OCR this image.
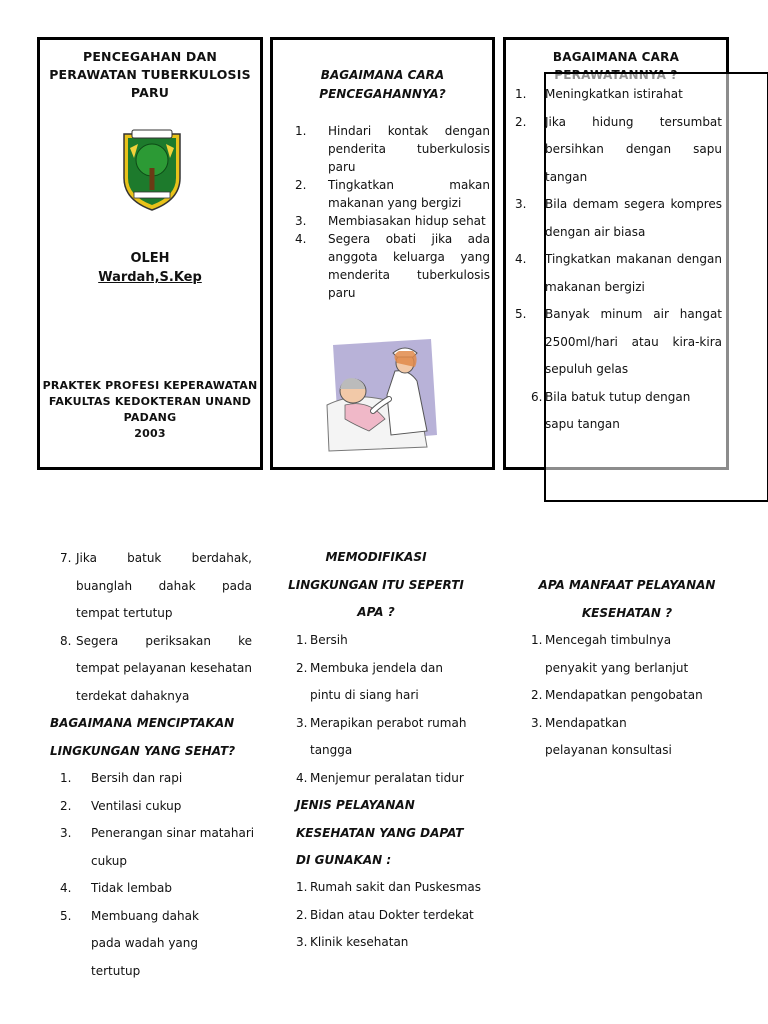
PENCEGAHAN DAN
PERAWATAN TUBERKULOSIS
PARU
OLEH
Wardah,S.Kep
PRAKTEK PROFESI KEPERAWATAN
FAKULTAS KEDOKTERAN UNAND
PADANG
2003
BAGAIMANA CARA
PENCEGAHANNYA?
1. Hindari kontak dengan penderita tuberkulosis paru
2. Tingkatkan makan makanan yang bergizi
3. Membiasakan hidup sehat
4. Segera obati jika ada anggota keluarga yang menderita tuberkulosis paru
BAGAIMANA CARA
1. Meningkatkan istirahat
2. Jika hidung tersumbat bersihkan dengan sapu tangan
3. Bila demam segera kompres dengan air biasa
4. Tingkatkan makanan dengan makanan bergizi
5. Banyak minum air hangat 2500ml/hari atau kira-kira sepuluh gelas
6. Bila batuk tutup dengan sapu tangan
7. Jika batuk berdahak, buanglah dahak pada tempat tertutup
8. Segera periksakan ke tempat pelayanan kesehatan terdekat dahaknya
BAGAIMANA MENCIPTAKAN
LINGKUNGAN YANG SEHAT?
1. Bersih dan rapi
2. Ventilasi cukup
3. Penerangan sinar matahari cukup
4. Tidak lembab
5. Membuang dahak pada wadah yang tertutup
MEMODIFIKASI
LINGKUNGAN ITU SEPERTI
APA ?
1. Bersih
2. Membuka jendela dan pintu di siang hari
3. Merapikan perabot rumah tangga
4. Menjemur peralatan tidur
JENIS PELAYANAN
KESEHATAN YANG DAPAT
DI GUNAKAN :
1. Rumah sakit dan Puskesmas
2. Bidan atau Dokter terdekat
3. Klinik kesehatan
APA MANFAAT PELAYANAN
KESEHATAN ?
1. Mencegah timbulnya penyakit yang berlanjut
2. Mendapatkan pengobatan
3. Mendapatkan pelayanan konsultasi
